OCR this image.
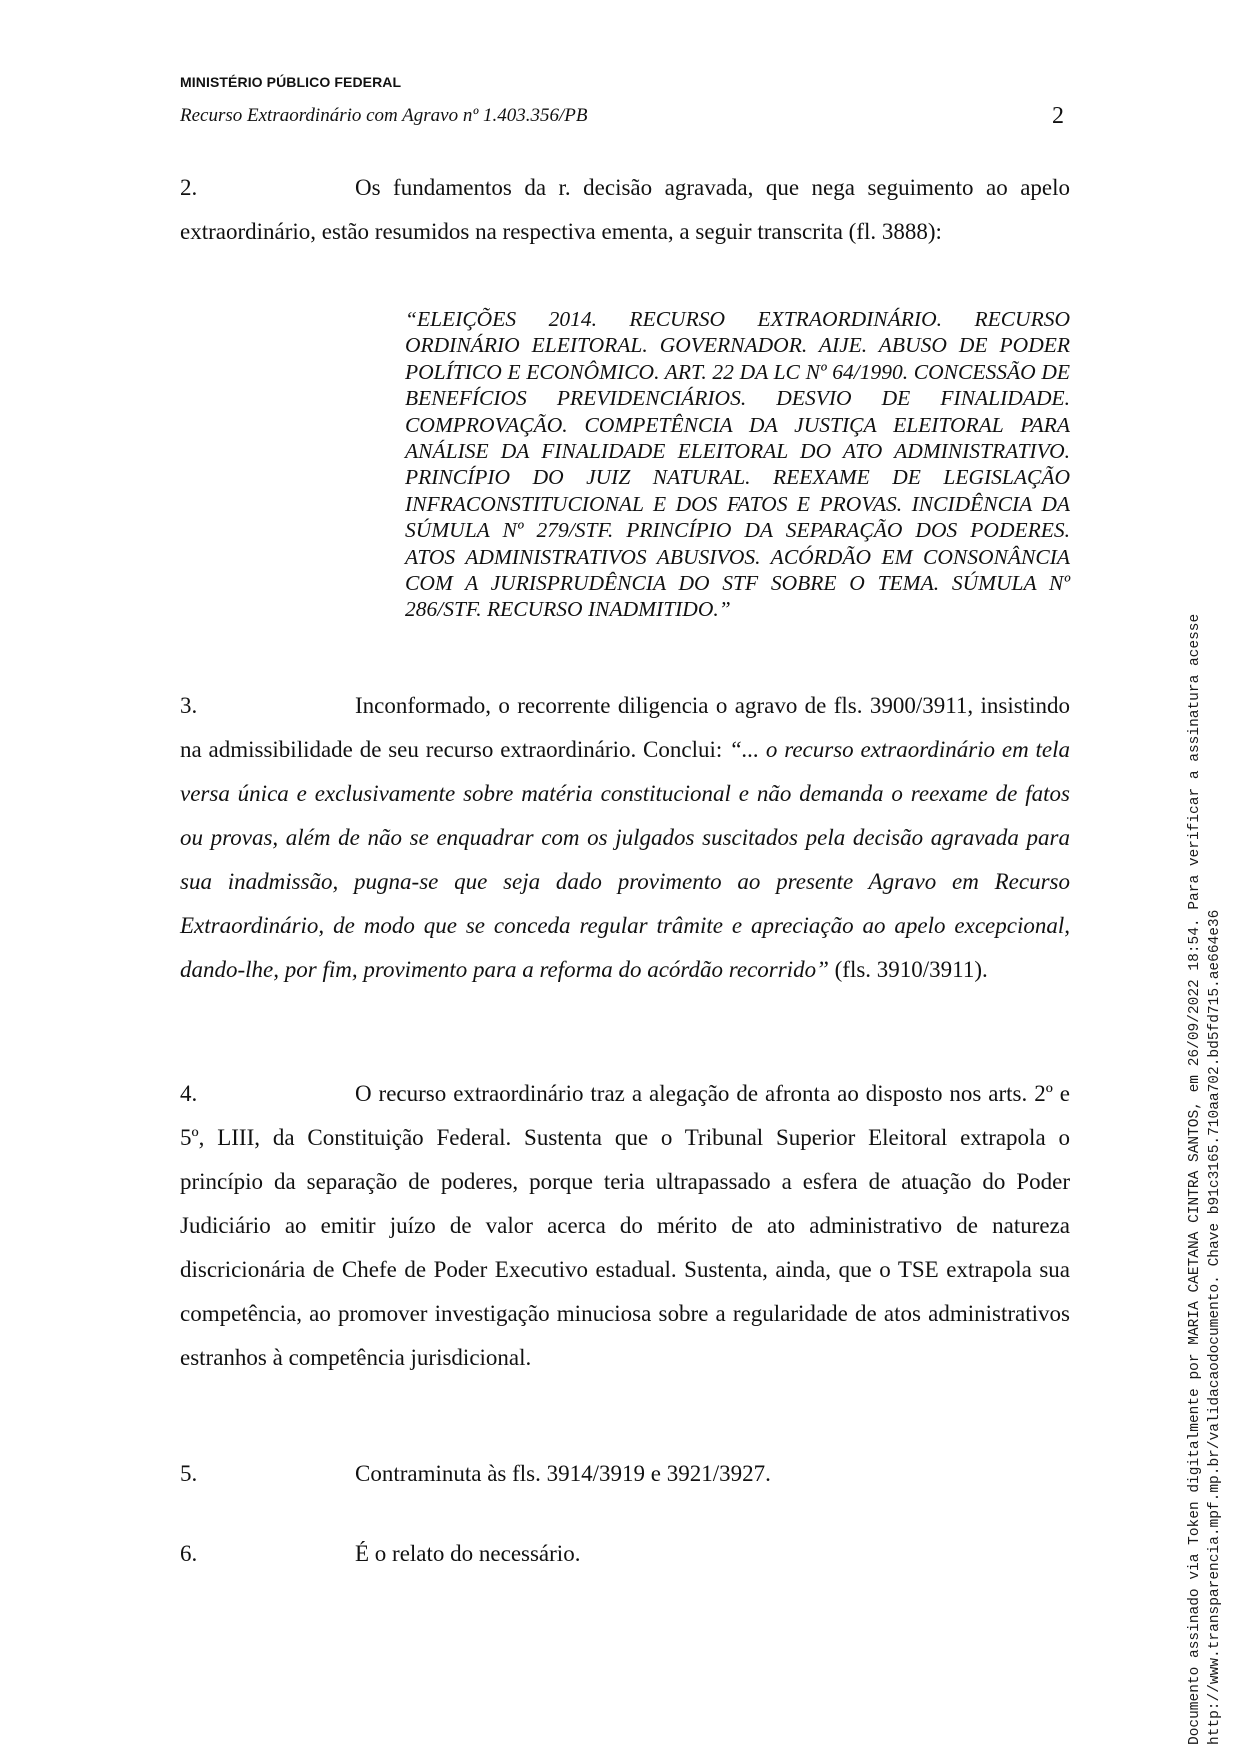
MINISTÉRIO PÚBLICO FEDERAL
Recurso Extraordinário com Agravo nº 1.403.356/PB	2
2.	Os fundamentos da r. decisão agravada, que nega seguimento ao apelo extraordinário, estão resumidos na respectiva ementa, a seguir transcrita (fl. 3888):
“ELEIÇÕES 2014. RECURSO EXTRAORDINÁRIO. RECURSO ORDINÁRIO ELEITORAL. GOVERNADOR. AIJE. ABUSO DE PODER POLÍTICO E ECONÔMICO. ART. 22 DA LC Nº 64/1990. CONCESSÃO DE BENEFÍCIOS PREVIDENCIÁRIOS. DESVIO DE FINALIDADE. COMPROVAÇÃO. COMPETÊNCIA DA JUSTIÇA ELEITORAL PARA ANÁLISE DA FINALIDADE ELEITORAL DO ATO ADMINISTRATIVO. PRINCÍPIO DO JUIZ NATURAL. REEXAME DE LEGISLAÇÃO INFRACONSTITUCIONAL E DOS FATOS E PROVAS. INCIDÊNCIA DA SÚMULA Nº 279/STF. PRINCÍPIO DA SEPARAÇÃO DOS PODERES. ATOS ADMINISTRATIVOS ABUSIVOS. ACÓRDÃO EM CONSONÂNCIA COM A JURISPRUDÊNCIA DO STF SOBRE O TEMA. SÚMULA Nº 286/STF. RECURSO INADMITIDO.”
3.	Inconformado, o recorrente diligencia o agravo de fls. 3900/3911, insistindo na admissibilidade de seu recurso extraordinário. Conclui: “... o recurso extraordinário em tela versa única e exclusivamente sobre matéria constitucional e não demanda o reexame de fatos ou provas, além de não se enquadrar com os julgados suscitados pela decisão agravada para sua inadmissão, pugna-se que seja dado provimento ao presente Agravo em Recurso Extraordinário, de modo que se conceda regular trâmite e apreciação ao apelo excepcional, dando-lhe, por fim, provimento para a reforma do acórdão recorrido” (fls. 3910/3911).
4.	O recurso extraordinário traz a alegação de afronta ao disposto nos arts. 2º e 5º, LIII, da Constituição Federal. Sustenta que o Tribunal Superior Eleitoral extrapola o princípio da separação de poderes, porque teria ultrapassado a esfera de atuação do Poder Judiciário ao emitir juízo de valor acerca do mérito de ato administrativo de natureza discricionária de Chefe de Poder Executivo estadual. Sustenta, ainda, que o TSE extrapola sua competência, ao promover investigação minuciosa sobre a regularidade de atos administrativos estranhos à competência jurisdicional.
5.	Contraminuta às fls. 3914/3919 e 3921/3927.
6.	É o relato do necessário.	Documento assinado via Token digitalmente por MARIA CAETANA CINTRA SANTOS, em 26/09/2022 18:54. Para verificar a assinatura acesse http://www.transparencia.mpf.mp.br/validacaodocumento. Chave b91c3165.710aa702.bd5fd715.ae664e36
